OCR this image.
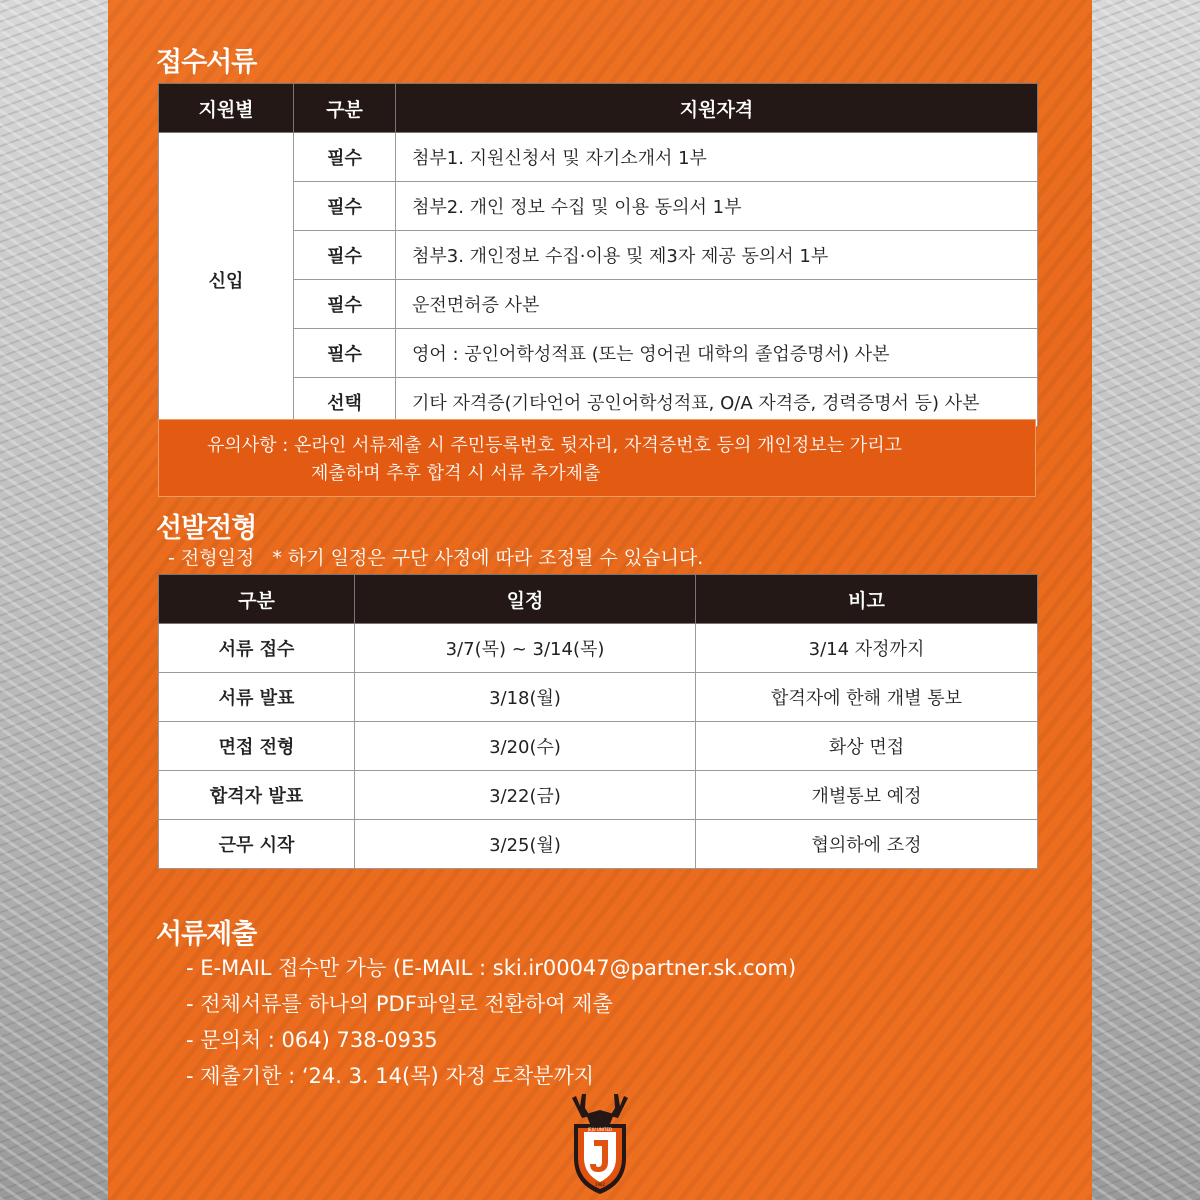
접수서류
지원별	구분	지원자격
신입	필수	첨부1. 지원신청서 및 자기소개서 1부
	필수	첨부2. 개인 정보 수집 및 이용 동의서 1부
	필수	첨부3. 개인정보 수집·이용 및 제3자 제공 동의서 1부
	필수	운전면허증 사본
	필수	영어 : 공인어학성적표 (또는 영어권 대학의 졸업증명서) 사본
	선택	기타 자격증(기타언어 공인어학성적표, O/A 자격증, 경력증명서 등) 사본
유의사항 : 온라인 서류제출 시 주민등록번호 뒷자리, 자격증번호 등의 개인정보는 가리고
제출하며 추후 합격 시 서류 추가제출
선발전형

- 전형일정 * 하기 일정은 구단 사정에 따라 조정될 수 있습니다.

구분	일정	비고
서류 접수	3/7(목) ~ 3/14(목)	3/14 자정까지
서류 발표	3/18(월)	합격자에 한해 개별 통보
면접 전형	3/20(수)	화상 면접
합격자 발표	3/22(금)	개별통보 예정
근무 시작	3/25(월)	협의하에 조정
서류제출
- E-MAIL 접수만 가능 (E-MAIL : ski.ir00047@partner.sk.com)
- 전체서류를 하나의 PDF파일로 전환하여 제출
- 문의처 : 064) 738-0935
- 제출기한 : ‘24. 3. 14(목) 자정 도착분까지
JEJU UNITED
1982
